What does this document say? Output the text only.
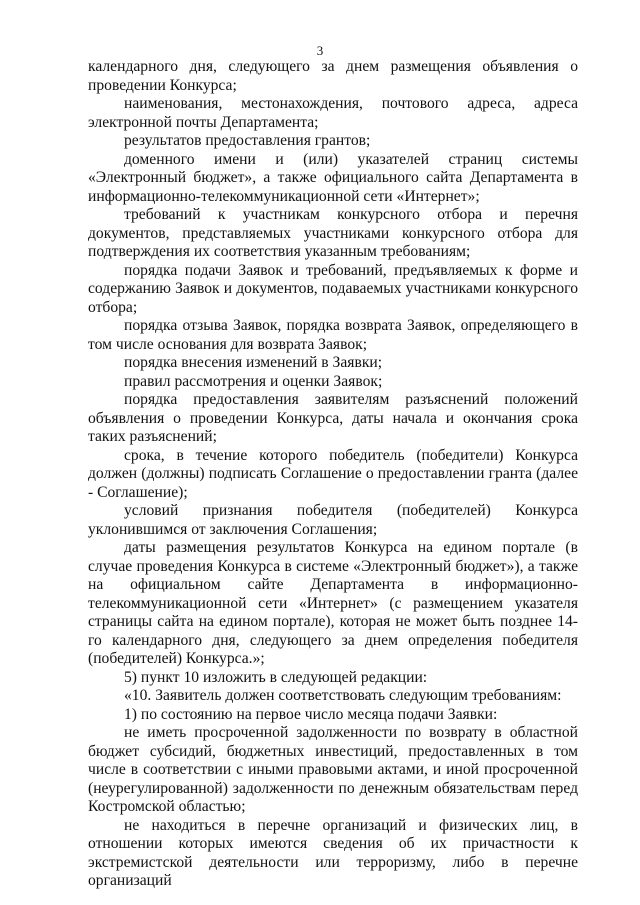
3

календарного дня, следующего за днем размещения объявления о проведении Конкурса;

наименования, местонахождения, почтового адреса, адреса электронной почты Департамента;

результатов предоставления грантов;

доменного имени и (или) указателей страниц системы «Электронный бюджет», а также официального сайта Департамента в информационно-телекоммуникационной сети «Интернет»;

требований к участникам конкурсного отбора и перечня документов, представляемых участниками конкурсного отбора для подтверждения их соответствия указанным требованиям;

порядка подачи Заявок и требований, предъявляемых к форме и содержанию Заявок и документов, подаваемых участниками конкурсного отбора;

порядка отзыва Заявок, порядка возврата Заявок, определяющего в том числе основания для возврата Заявок;

порядка внесения изменений в Заявки;

правил рассмотрения и оценки Заявок;

порядка предоставления заявителям разъяснений положений объявления о проведении Конкурса, даты начала и окончания срока таких разъяснений;

срока, в течение которого победитель (победители) Конкурса должен (должны) подписать Соглашение о предоставлении гранта (далее - Соглашение);

условий признания победителя (победителей) Конкурса уклонившимся от заключения Соглашения;

даты размещения результатов Конкурса на едином портале (в случае проведения Конкурса в системе «Электронный бюджет»), а также на официальном сайте Департамента в информационно-телекоммуникационной сети «Интернет» (с размещением указателя страницы сайта на едином портале), которая не может быть позднее 14-го календарного дня, следующего за днем определения победителя (победителей) Конкурса.»;

5) пункт 10 изложить в следующей редакции:

«10. Заявитель должен соответствовать следующим требованиям:

1) по состоянию на первое число месяца подачи Заявки:

не иметь просроченной задолженности по возврату в областной бюджет субсидий, бюджетных инвестиций, предоставленных в том числе в соответствии с иными правовыми актами, и иной просроченной (неурегулированной) задолженности по денежным обязательствам перед Костромской областью;

не находиться в перечне организаций и физических лиц, в отношении которых имеются сведения об их причастности к экстремистской деятельности или терроризму, либо в перечне организаций
